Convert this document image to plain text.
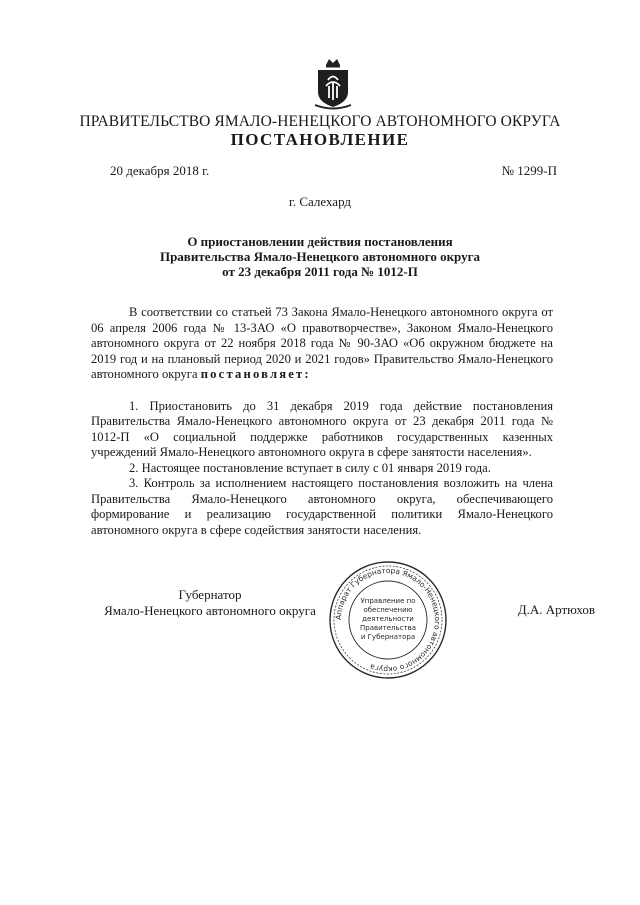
ПРАВИТЕЛЬСТВО ЯМАЛО-НЕНЕЦКОГО АВТОНОМНОГО ОКРУГА
ПОСТАНОВЛЕНИЕ
20 декабря 2018 г.	№ 1299-П
г. Салехард
О приостановлении действия постановления
Правительства Ямало-Ненецкого автономного округа
от 23 декабря 2011 года № 1012-П

В соответствии со статьей 73 Закона Ямало-Ненецкого автономного округа от 06 апреля 2006 года № 13-ЗАО «О правотворчестве», Законом Ямало-Ненецкого автономного округа от 22 ноября 2018 года № 90-ЗАО «Об окружном бюджете на 2019 год и на плановый период 2020 и 2021 годов» Правительство Ямало-Ненецкого автономного округа постановляет:

1. Приостановить до 31 декабря 2019 года действие постановления Правительства Ямало-Ненецкого автономного округа от 23 декабря 2011 года № 1012-П «О социальной поддержке работников государственных казенных учреждений Ямало-Ненецкого автономного округа в сфере занятости населения».

2. Настоящее постановление вступает в силу с 01 января 2019 года.

3. Контроль за исполнением настоящего постановления возложить на члена Правительства Ямало-Ненецкого автономного округа, обеспечивающего формирование и реализацию государственной политики Ямало-Ненецкого автономного округа в сфере содействия занятости населения.

Губернатор
Ямало-Ненецкого автономного округа	Аппарат Губернатора Ямало-Ненецкого автономного округа
Управление по
обеспечению
деятельности
Правительства
и Губернатора
Д.А. Артюхов
